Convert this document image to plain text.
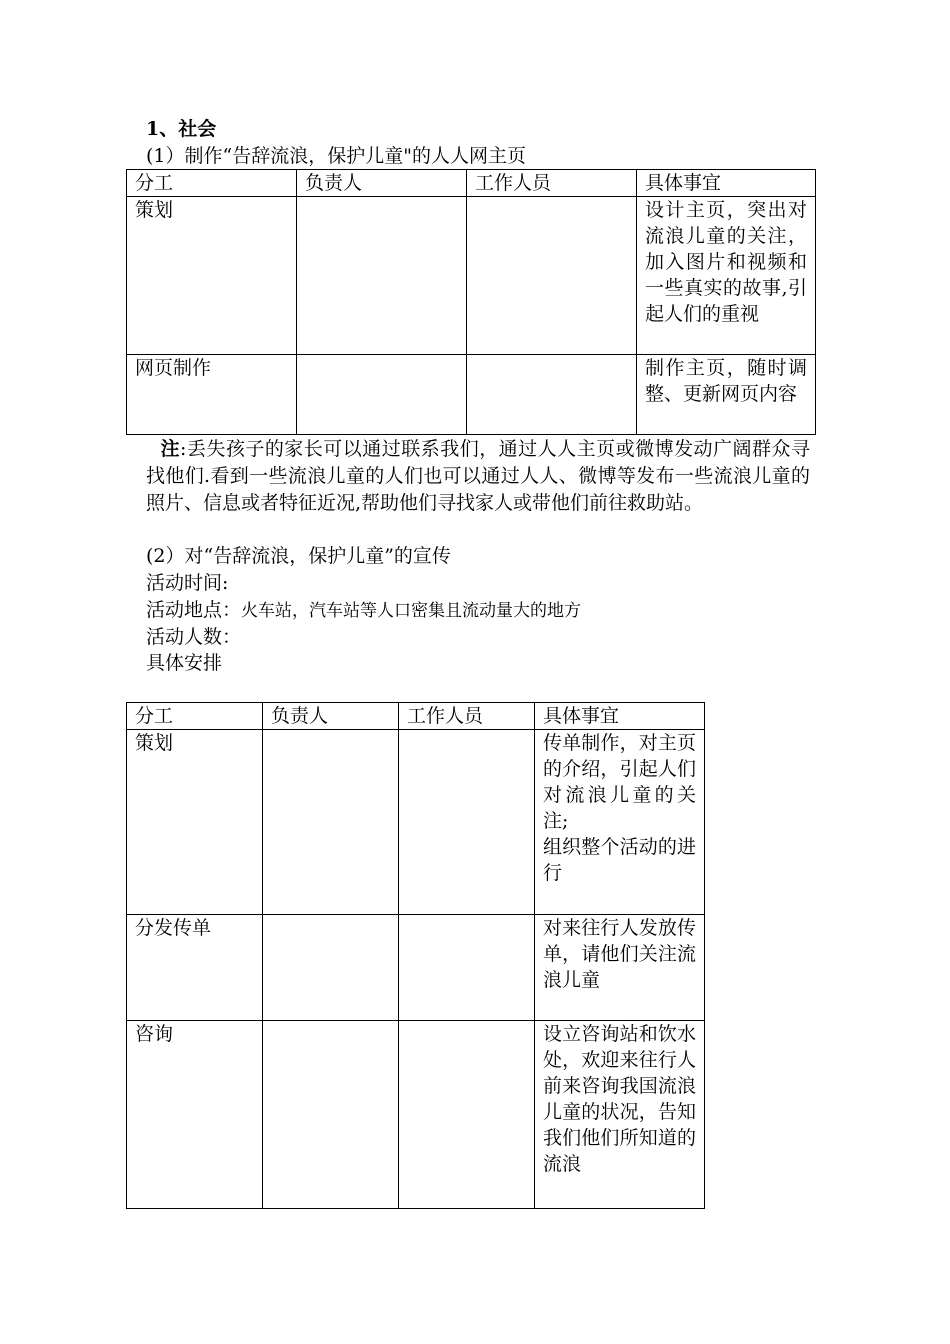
1、社会
(1）制作“告辞流浪，保护儿童"的人人网主页
分工	负责人	工作人员	具体事宜
策划			设计主页，突出对流浪儿童的关注，加入图片和视频和一些真实的故事,引起人们的重视
网页制作			制作主页，随时调整、更新网页内容
注:丢失孩子的家长可以通过联系我们，通过人人主页或微博发动广阔群众寻找他们.看到一些流浪儿童的人们也可以通过人人、微博等发布一些流浪儿童的照片、信息或者特征近况,帮助他们寻找家人或带他们前往救助站。
(2）对“告辞流浪，保护儿童”的宣传
活动时间:
活动地点：火车站，汽车站等人口密集且流动量大的地方
活动人数：
具体安排
分工	负责人	工作人员	具体事宜
策划			传单制作，对主页的介绍，引起人们对流浪儿童的关注;
组织整个活动的进行

分发传单			对来往行人发放传单，请他们关注流浪儿童
咨询			设立咨询站和饮水处，欢迎来往行人前来咨询我国流浪儿童的状况，告知我们他们所知道的流浪
